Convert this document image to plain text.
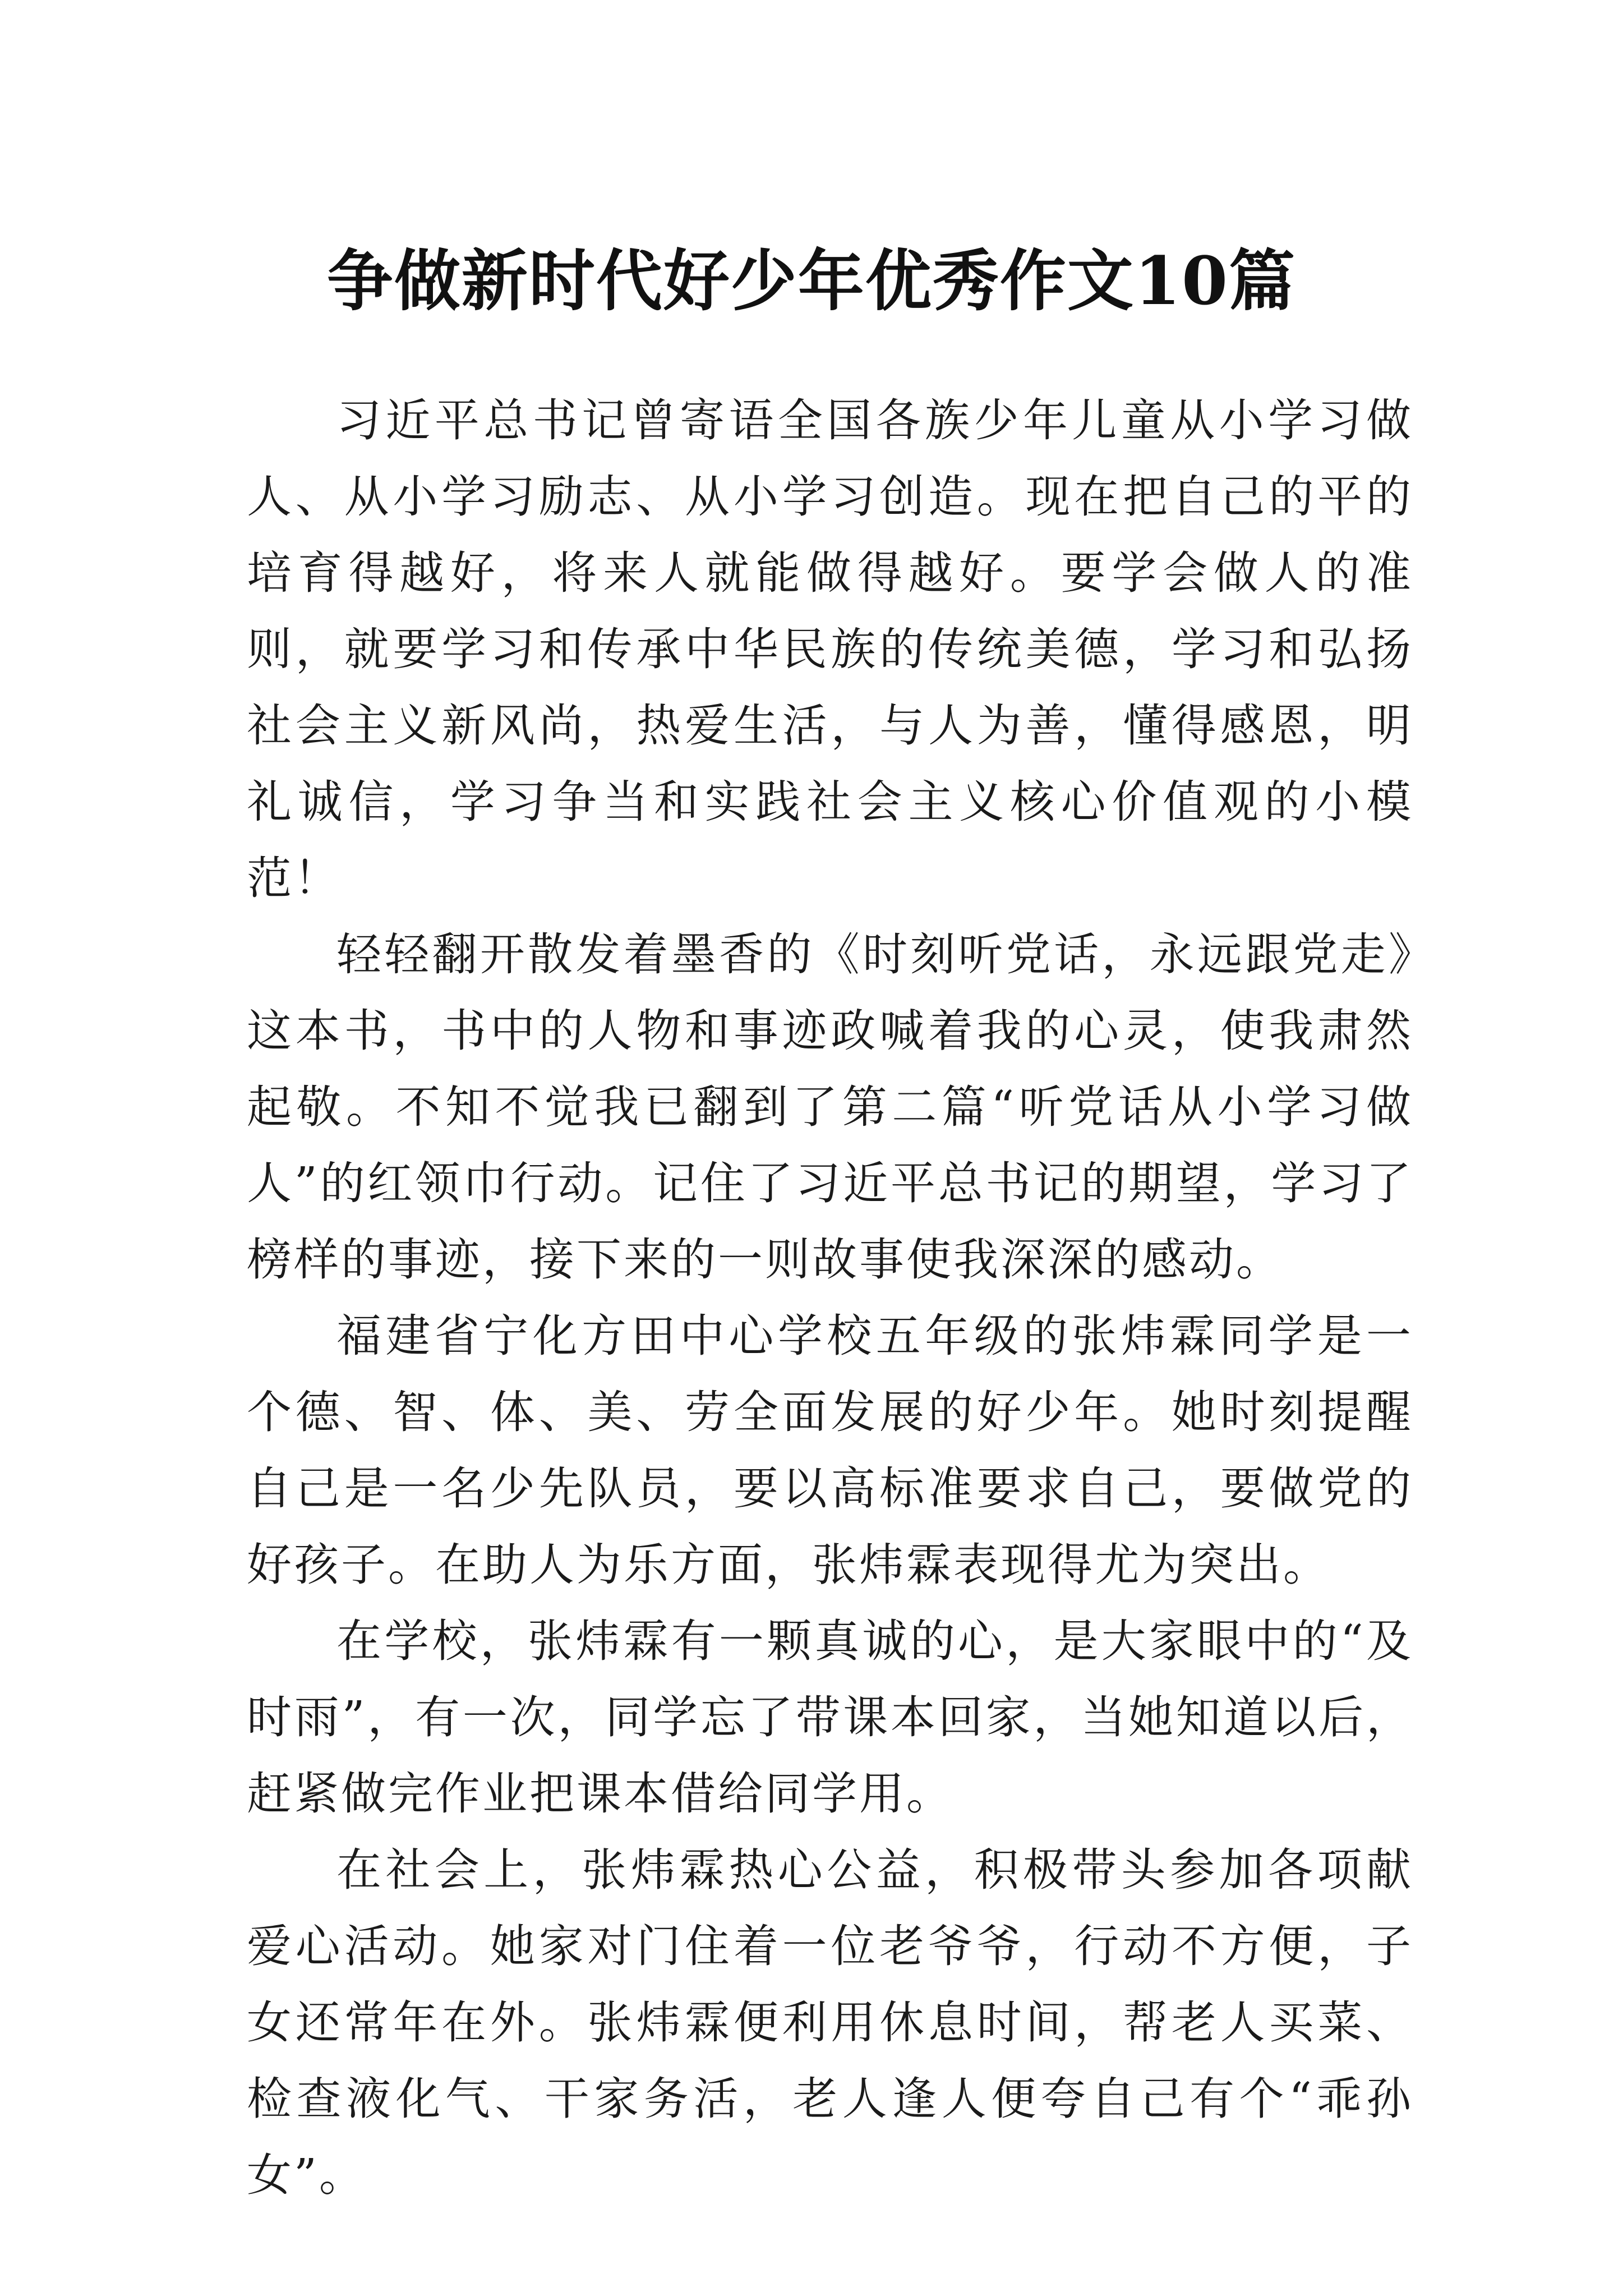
争做新时代好少年优秀作文10篇

习近平总书记曾寄语全国各族少年儿童从小学习做人、从小学习励志、从小学习创造。现在把自己的平的培育得越好，将来人就能做得越好。要学会做人的准则，就要学习和传承中华民族的传统美德，学习和弘扬社会主义新风尚，热爱生活，与人为善，懂得感恩，明礼诚信，学习争当和实践社会主义核心价值观的小模范！

轻轻翻开散发着墨香的《时刻听党话，永远跟党走》这本书，书中的人物和事迹政喊着我的心灵，使我肃然起敬。不知不觉我已翻到了第二篇“听党话从小学习做人”的红领巾行动。记住了习近平总书记的期望，学习了榜样的事迹，接下来的一则故事使我深深的感动。

福建省宁化方田中心学校五年级的张炜霖同学是一个德、智、体、美、劳全面发展的好少年。她时刻提醒自己是一名少先队员，要以高标准要求自己，要做党的好孩子。在助人为乐方面，张炜霖表现得尤为突出。

在学校，张炜霖有一颗真诚的心，是大家眼中的“及时雨”，有一次，同学忘了带课本回家，当她知道以后，赶紧做完作业把课本借给同学用。

在社会上，张炜霖热心公益，积极带头参加各项献爱心活动。她家对门住着一位老爷爷，行动不方便，子女还常年在外。张炜霖便利用休息时间，帮老人买菜、检查液化气、干家务活，老人逢人便夸自己有个“乖孙女”。
